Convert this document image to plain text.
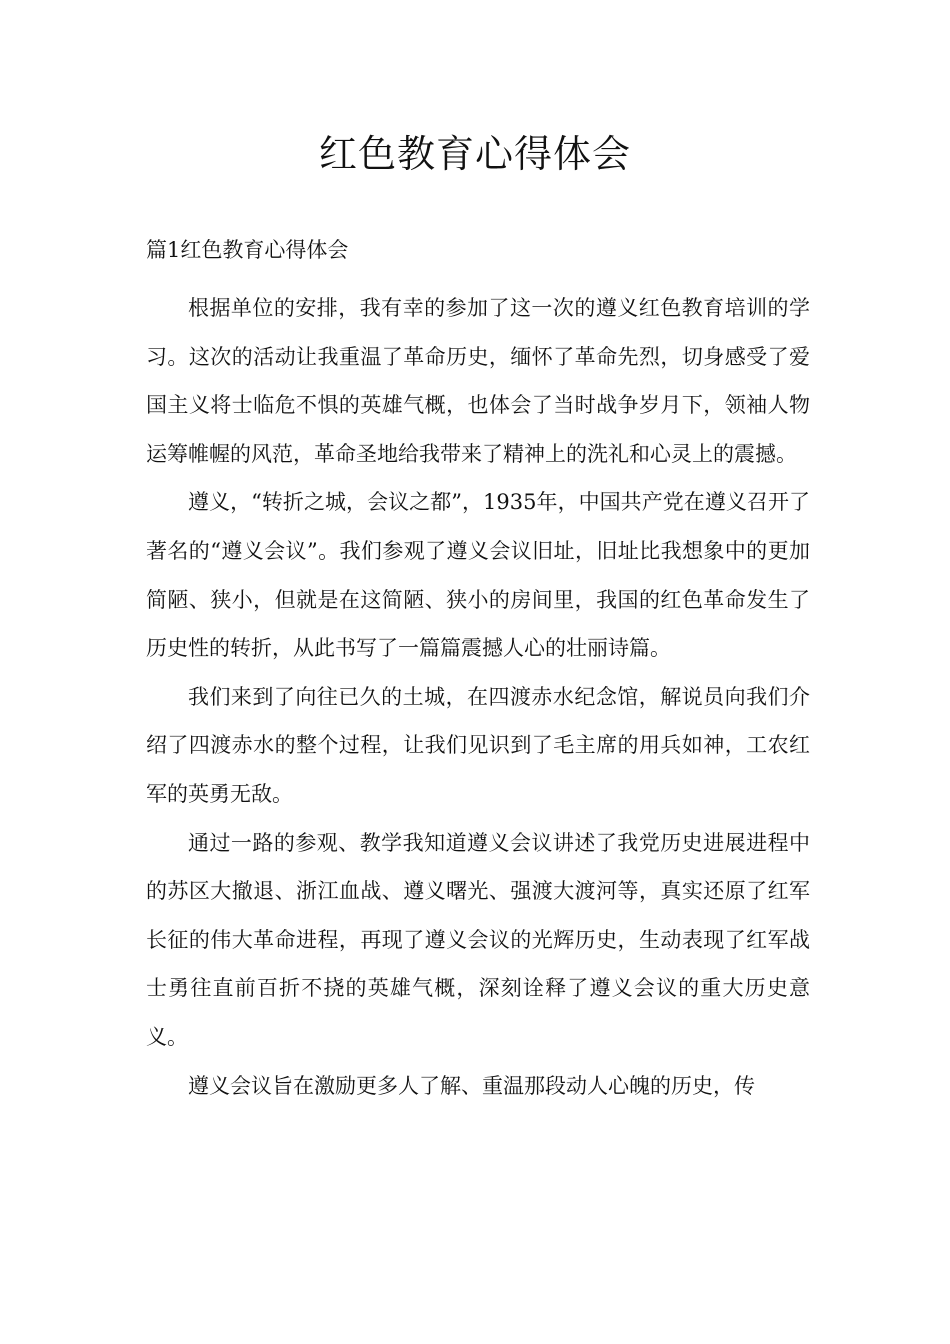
红色教育心得体会

篇1红色教育心得体会

根据单位的安排，我有幸的参加了这一次的遵义红色教育培训的学习。这次的活动让我重温了革命历史，缅怀了革命先烈，切身感受了爱国主义将士临危不惧的英雄气概，也体会了当时战争岁月下，领袖人物运筹帷幄的风范，革命圣地给我带来了精神上的洗礼和心灵上的震撼。

遵义，“转折之城，会议之都”，1935年，中国共产党在遵义召开了著名的“遵义会议”。我们参观了遵义会议旧址，旧址比我想象中的更加简陋、狭小，但就是在这简陋、狭小的房间里，我国的红色革命发生了历史性的转折，从此书写了一篇篇震撼人心的壮丽诗篇。

我们来到了向往已久的土城，在四渡赤水纪念馆，解说员向我们介绍了四渡赤水的整个过程，让我们见识到了毛主席的用兵如神，工农红军的英勇无敌。

通过一路的参观、教学我知道遵义会议讲述了我党历史进展进程中的苏区大撤退、浙江血战、遵义曙光、强渡大渡河等，真实还原了红军长征的伟大革命进程，再现了遵义会议的光辉历史，生动表现了红军战士勇往直前百折不挠的英雄气概，深刻诠释了遵义会议的重大历史意义。

遵义会议旨在激励更多人了解、重温那段动人心魄的历史，传
